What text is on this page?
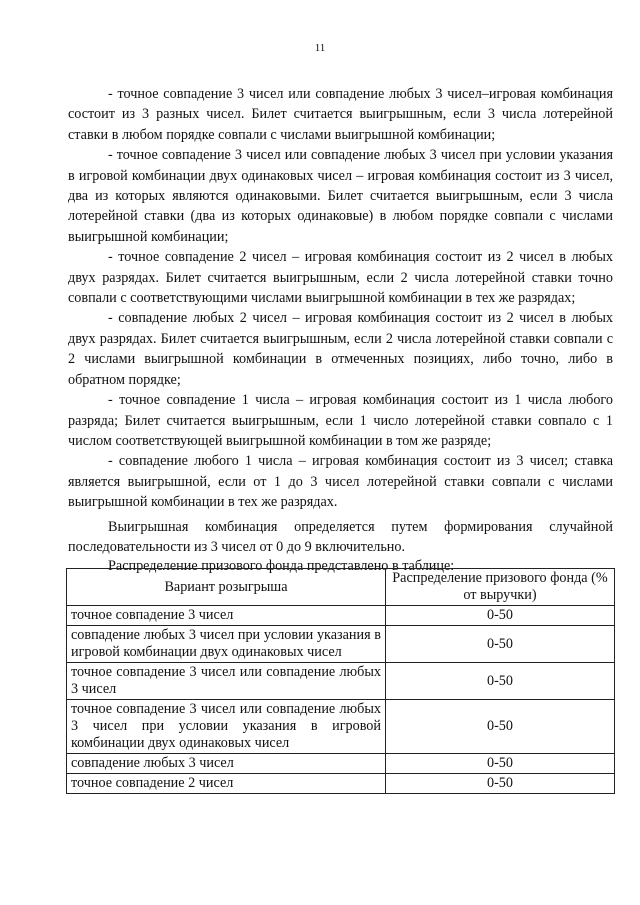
11

- точное совпадение 3 чисел или совпадение любых 3 чисел–игровая комбинация состоит из 3 разных чисел. Билет считается выигрышным, если 3 числа лотерейной ставки в любом порядке совпали с числами выигрышной комбинации;

- точное совпадение 3 чисел или совпадение любых 3 чисел при условии указания в игровой комбинации двух одинаковых чисел – игровая комбинация состоит из 3 чисел, два из которых являются одинаковыми. Билет считается выигрышным, если 3 числа лотерейной ставки (два из которых одинаковые) в любом порядке совпали с числами выигрышной комбинации;

- точное совпадение 2 чисел – игровая комбинация состоит из 2 чисел в любых двух разрядах. Билет считается выигрышным, если 2 числа лотерейной ставки точно совпали с соответствующими числами выигрышной комбинации в тех же разрядах;

- совпадение любых 2 чисел – игровая комбинация состоит из 2 чисел в любых двух разрядах. Билет считается выигрышным, если 2 числа лотерейной ставки совпали с 2 числами выигрышной комбинации в отмеченных позициях, либо точно, либо в обратном порядке;

- точное совпадение 1 числа – игровая комбинация состоит из 1 числа любого разряда; Билет считается выигрышным, если 1 число лотерейной ставки совпало с 1 числом соответствующей выигрышной комбинации в том же разряде;

- совпадение любого 1 числа – игровая комбинация состоит из 3 чисел; ставка является выигрышной, если от 1 до 3 чисел лотерейной ставки совпали с числами выигрышной комбинации в тех же разрядах.

Выигрышная комбинация определяется путем формирования случайной последовательности из 3 чисел от 0 до 9 включительно.

Распределение призового фонда представлено в таблице:

Вариант розыгрыша	Распределение призового фонда (% от выручки)
точное совпадение 3 чисел	0-50
совпадение любых 3 чисел при условии указания в игровой комбинации двух одинаковых чисел	0-50
точное совпадение 3 чисел или совпадение любых 3 чисел	0-50
точное совпадение 3 чисел или совпадение любых 3 чисел при условии указания в игровой комбинации двух одинаковых чисел	0-50
совпадение любых 3 чисел	0-50
точное совпадение 2 чисел	0-50
